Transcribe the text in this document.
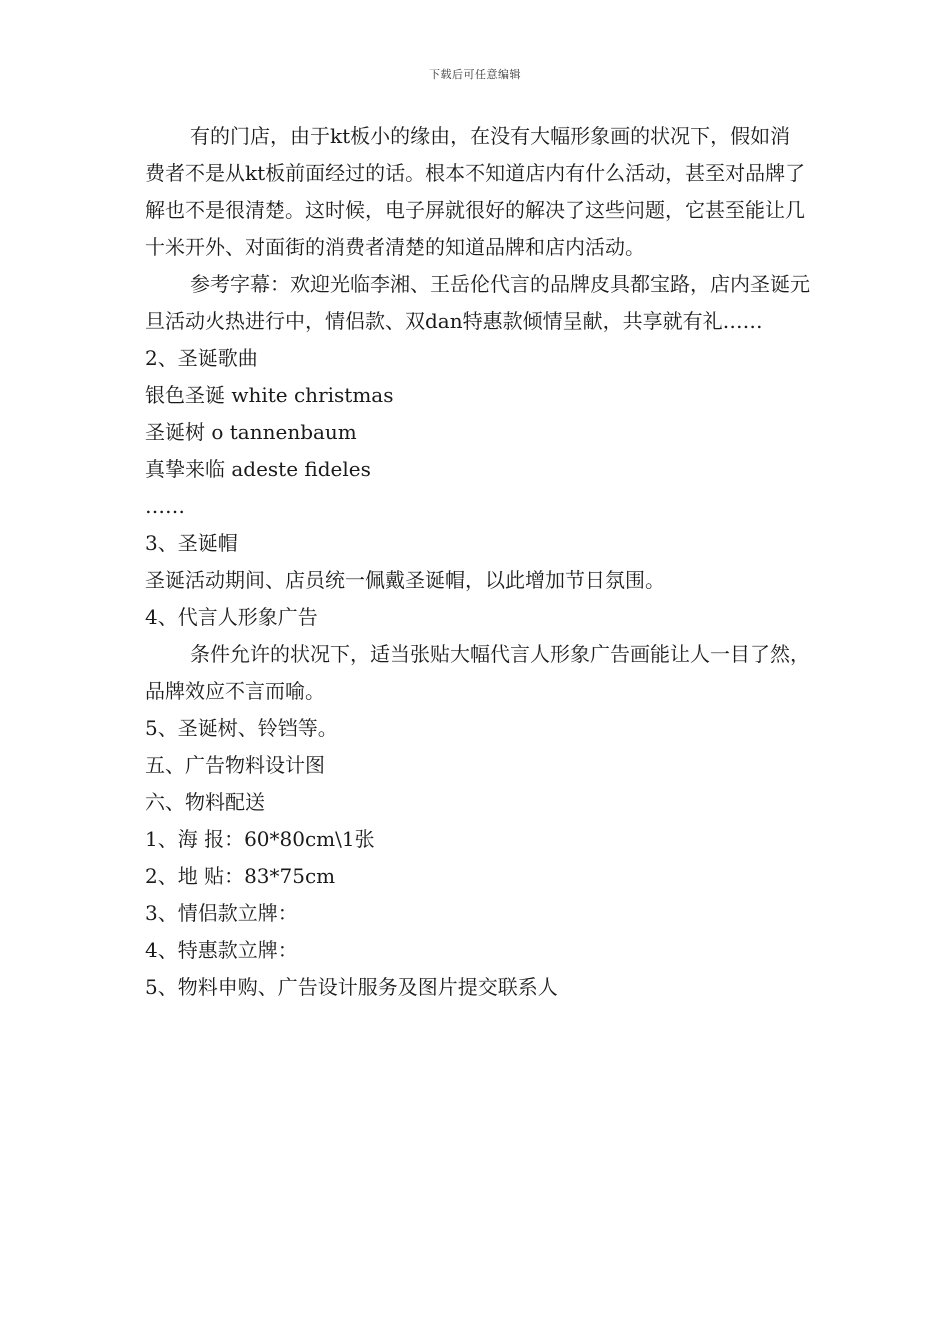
下载后可任意编辑

有的门店，由于kt板小的缘由，在没有大幅形象画的状况下，假如消费者不是从kt板前面经过的话。根本不知道店内有什么活动，甚至对品牌了解也不是很清楚。这时候，电子屏就很好的解决了这些问题，它甚至能让几十米开外、对面街的消费者清楚的知道品牌和店内活动。

参考字幕：欢迎光临李湘、王岳伦代言的品牌皮具都宝路，店内圣诞元旦活动火热进行中，情侣款、双dan特惠款倾情呈献，共享就有礼……

2、圣诞歌曲

银色圣诞 white christmas

圣诞树 o tannenbaum

真挚来临 adeste fideles

……

3、圣诞帽

圣诞活动期间、店员统一佩戴圣诞帽，以此增加节日氛围。

4、代言人形象广告

条件允许的状况下，适当张贴大幅代言人形象广告画能让人一目了然，品牌效应不言而喻。

5、圣诞树、铃铛等。

五、广告物料设计图

六、物料配送

1、海 报：60*80cm\1张

2、地 贴：83*75cm

3、情侣款立牌：

4、特惠款立牌：

5、物料申购、广告设计服务及图片提交联系人
